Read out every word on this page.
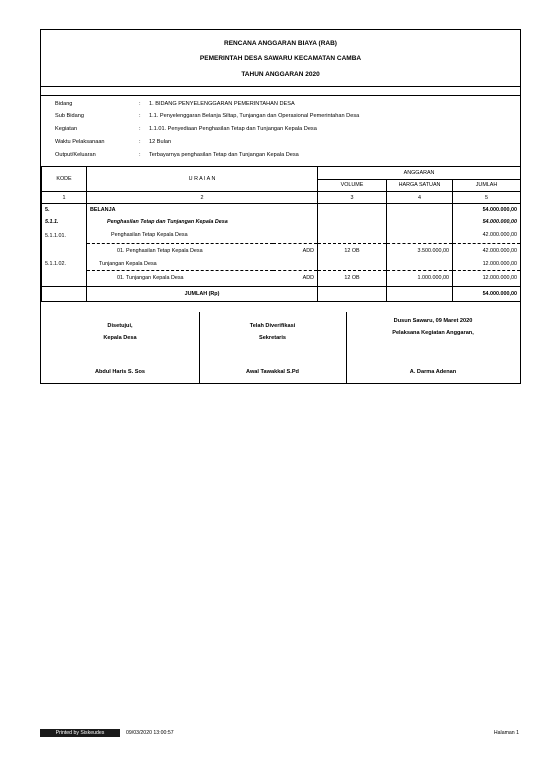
RENCANA ANGGARAN BIAYA (RAB)
PEMERINTAH DESA SAWARU KECAMATAN CAMBA
TAHUN ANGGARAN 2020
Bidang	: 1. BIDANG PENYELENGGARAN PEMERINTAHAN DESA
Sub Bidang	: 1.1. Penyelenggaran Belanja Siltap, Tunjangan dan Operasional Pemerintahan Desa
Kegiatan	: 1.1.01. Penyediaan Penghasilan Tetap dan Tunjangan Kepala Desa
Waktu Pelaksanaan	: 12 Bulan
Output/Keluaran	: Terbayarnya penghasilan Tetap dan Tunjangan Kepala Desa
KODE	U R A I A N		ANGGARAN		
			VOLUME	HARGA SATUAN	JUMLAH
1	2		3	4	5
5.	BELANJA				54.000.000,00
5.1.1.	Penghasilan Tetap dan Tunjangan Kepala Desa				54.000.000,00
5.1.1.01.	Penghasilan Tetap Kepala Desa				42.000.000,00
	01. Penghasilan Tetap Kepala Desa	ADD	12 OB	3.500.000,00	42.000.000,00
5.1.1.02.	Tunjangan Kepala Desa				12.000.000,00
	01. Tunjangan Kepala Desa	ADD	12 OB	1.000.000,00	12.000.000,00
	JUMLAH (Rp)				54.000.000,00
Disetujui,
Kepala Desa
Abdul Haris S. Sos
Telah Diverifikasi
Sekretaris
Awal Tawakkal S.Pd
Dusun Sawaru, 09 Maret 2020
Pelaksana Kegiatan Anggaran,
A. Darma Adenan
Printed by Siskeudes	09/03/2020 13:00:57	Halaman 1
